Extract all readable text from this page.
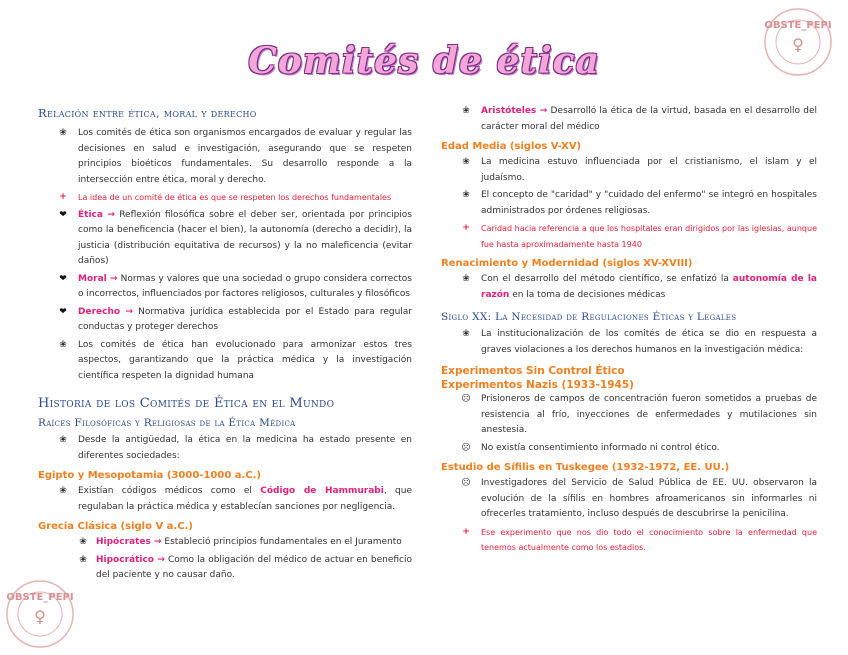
OBSTE_PEPI
♀
OBSTE_PEPI
♀
Comités de ética
Relación entre ética, moral y derecho
❀	Los comités de ética son organismos encargados de evaluar y regular las decisiones en salud e investigación, asegurando que se respeten principios bioéticos fundamentales. Su desarrollo responde a la intersección entre ética, moral y derecho.
+	La idea de un comité de ética es que se respeten los derechos fundamentales
❤	Ética → Reflexión filosófica sobre el deber ser, orientada por principios como la beneficencia (hacer el bien), la autonomía (derecho a decidir), la justicia (distribución equitativa de recursos) y la no maleficencia (evitar daños)
❤	Moral → Normas y valores que una sociedad o grupo considera correctos o incorrectos, influenciados por factores religiosos, culturales y filosóficos
❤	Derecho → Normativa jurídica establecida por el Estado para regular conductas y proteger derechos
❀	Los comités de ética han evolucionado para armonizar estos tres aspectos, garantizando que la práctica médica y la investigación científica respeten la dignidad humana
Historia de los Comités de Ética en el Mundo
Raíces Filosóficas y Religiosas de la Ética Médica
❀	Desde la antigüedad, la ética en la medicina ha estado presente en diferentes sociedades:
Egipto y Mesopotamia (3000-1000 a.C.)
❀	Existían códigos médicos como el Código de Hammurabi, que regulaban la práctica médica y establecían sanciones por negligencia.
Grecia Clásica (siglo V a.C.)
❀	Hipócrates → Estableció principios fundamentales en el Juramento
❀	Hipocrático → Como la obligación del médico de actuar en beneficio del paciente y no causar daño.
❀	Aristóteles → Desarrolló la ética de la virtud, basada en el desarrollo del carácter moral del médico
Edad Media (siglos V-XV)
❀	La medicina estuvo influenciada por el cristianismo, el islam y el judaísmo.
❀	El concepto de "caridad" y "cuidado del enfermo" se integró en hospitales administrados por órdenes religiosas.
+	Caridad hacia referencia a que los hospitales eran dirigidos por las iglesias, aunque fue hasta aproximadamente hasta 1940
Renacimiento y Modernidad (siglos XV-XVIII)
❀	Con el desarrollo del método científico, se enfatizó la autonomía de la razón en la toma de decisiones médicas
Siglo XX: La Necesidad de Regulaciones Éticas y Legales
❀	La institucionalización de los comités de ética se dio en respuesta a graves violaciones a los derechos humanos en la investigación médica:
Experimentos Sin Control Ético
Experimentos Nazis (1933-1945)
☹ Prisioneros de campos de concentración fueron sometidos a pruebas de resistencia al frío, inyecciones de enfermedades y mutilaciones sin anestesia.
☹ No existía consentimiento informado ni control ético.
Estudio de Sífilis en Tuskegee (1932-1972, EE. UU.)
☹ Investigadores del Servicio de Salud Pública de EE. UU. observaron la evolución de la sífilis en hombres afroamericanos sin informarles ni ofrecerles tratamiento, incluso después de descubrirse la penicilina.
+	Ese experimento que nos dio todo el conocimiento sobre la enfermedad que tenemos actualmente como los estadios.
